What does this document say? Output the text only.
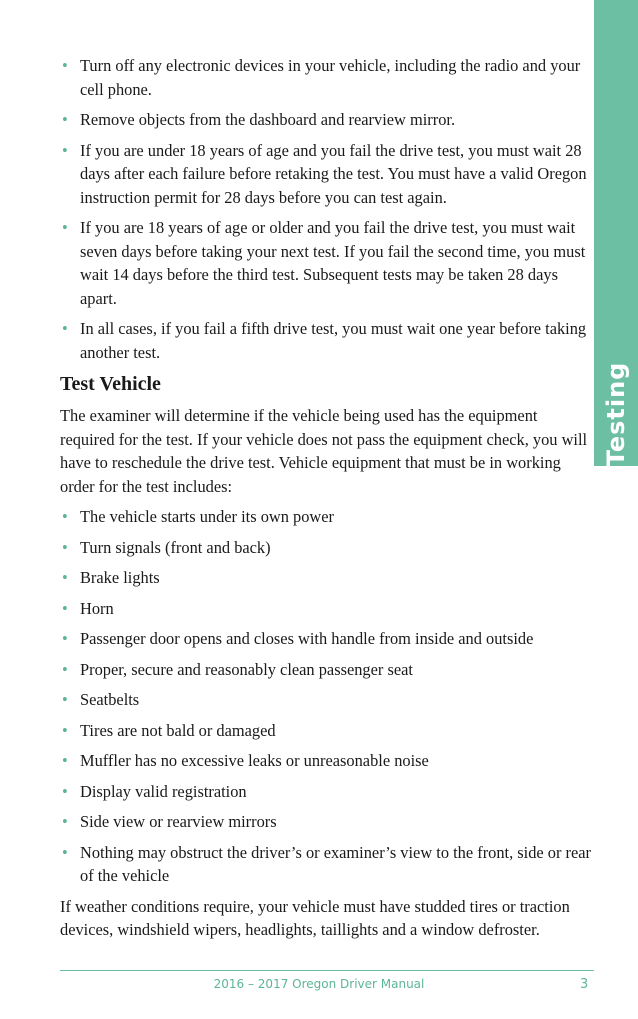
Testing
• Turn off any electronic devices in your vehicle, including the radio and your cell phone.
• Remove objects from the dashboard and rearview mirror.
• If you are under 18 years of age and you fail the drive test, you must wait 28 days after each failure before retaking the test. You must have a valid Oregon instruction permit for 28 days before you can test again.
• If you are 18 years of age or older and you fail the drive test, you must wait seven days before taking your next test. If you fail the second time, you must wait 14 days before the third test. Subsequent tests may be taken 28 days apart.
• In all cases, if you fail a fifth drive test, you must wait one year before taking another test.
Test Vehicle

The examiner will determine if the vehicle being used has the equipment required for the test. If your vehicle does not pass the equipment check, you will have to reschedule the drive test. Vehicle equipment that must be in working order for the test includes:

• The vehicle starts under its own power
• Turn signals (front and back)
• Brake lights
• Horn
• Passenger door opens and closes with handle from inside and outside
• Proper, secure and reasonably clean passenger seat
• Seatbelts
• Tires are not bald or damaged
• Muffler has no excessive leaks or unreasonable noise
• Display valid registration
• Side view or rearview mirrors
• Nothing may obstruct the driver’s or examiner’s view to the front, side or rear of the vehicle

If weather conditions require, your vehicle must have studded tires or traction devices, windshield wipers, headlights, taillights and a window defroster.

2016 – 2017 Oregon Driver Manual	3
